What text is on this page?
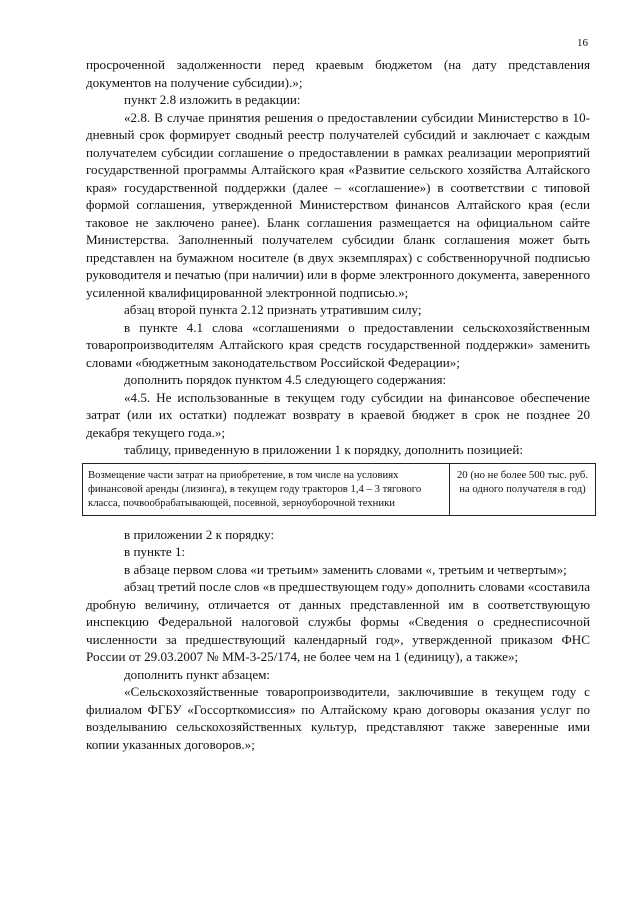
16

просроченной задолженности перед краевым бюджетом (на дату представления документов на получение субсидии).»;

пункт 2.8 изложить в редакции:

«2.8. В случае принятия решения о предоставлении субсидии Министерство в 10-дневный срок формирует сводный реестр получателей субсидий и заключает с каждым получателем субсидии соглашение о предоставлении в рамках реализации мероприятий государственной программы Алтайского края «Развитие сельского хозяйства Алтайского края» государственной поддержки (далее – «соглашение») в соответствии с типовой формой соглашения, утвержденной Министерством финансов Алтайского края (если таковое не заключено ранее). Бланк соглашения размещается на официальном сайте Министерства. Заполненный получателем субсидии бланк соглашения может быть представлен на бумажном носителе (в двух экземплярах) с собственноручной подписью руководителя и печатью (при наличии) или в форме электронного документа, заверенного усиленной квалифицированной электронной подписью.»;

абзац второй пункта 2.12 признать утратившим силу;

в пункте 4.1 слова «соглашениями о предоставлении сельскохозяйственным товаропроизводителям Алтайского края средств государственной поддержки» заменить словами «бюджетным законодательством Российской Федерации»;

дополнить порядок пунктом 4.5 следующего содержания:

«4.5. Не использованные в текущем году субсидии на финансовое обеспечение затрат (или их остатки) подлежат возврату в краевой бюджет в срок не позднее 20 декабря текущего года.»;

таблицу, приведенную в приложении 1 к порядку, дополнить позицией:

Возмещение части затрат на приобретение, в том числе на условиях финансовой аренды (лизинга), в текущем году тракторов 1,4 – 3 тягового класса, почвообрабатывающей, посевной, зерноуборочной техники	20 (но не более 500 тыс. руб. на одного получателя в год)

в приложении 2 к порядку:

в пункте 1:

в абзаце первом слова «и третьим» заменить словами «, третьим и четвертым»;

абзац третий после слов «в предшествующем году» дополнить словами «составила дробную величину, отличается от данных представленной им в соответствующую инспекцию Федеральной налоговой службы формы «Сведения о среднесписочной численности за предшествующий календарный год», утвержденной приказом ФНС России от 29.03.2007 № ММ-3-25/174, не более чем на 1 (единицу), а также»;

дополнить пункт абзацем:

«Сельскохозяйственные товаропроизводители, заключившие в текущем году с филиалом ФГБУ «Госсорткомиссия» по Алтайскому краю договоры оказания услуг по возделыванию сельскохозяйственных культур, представляют также заверенные ими копии указанных договоров.»;
